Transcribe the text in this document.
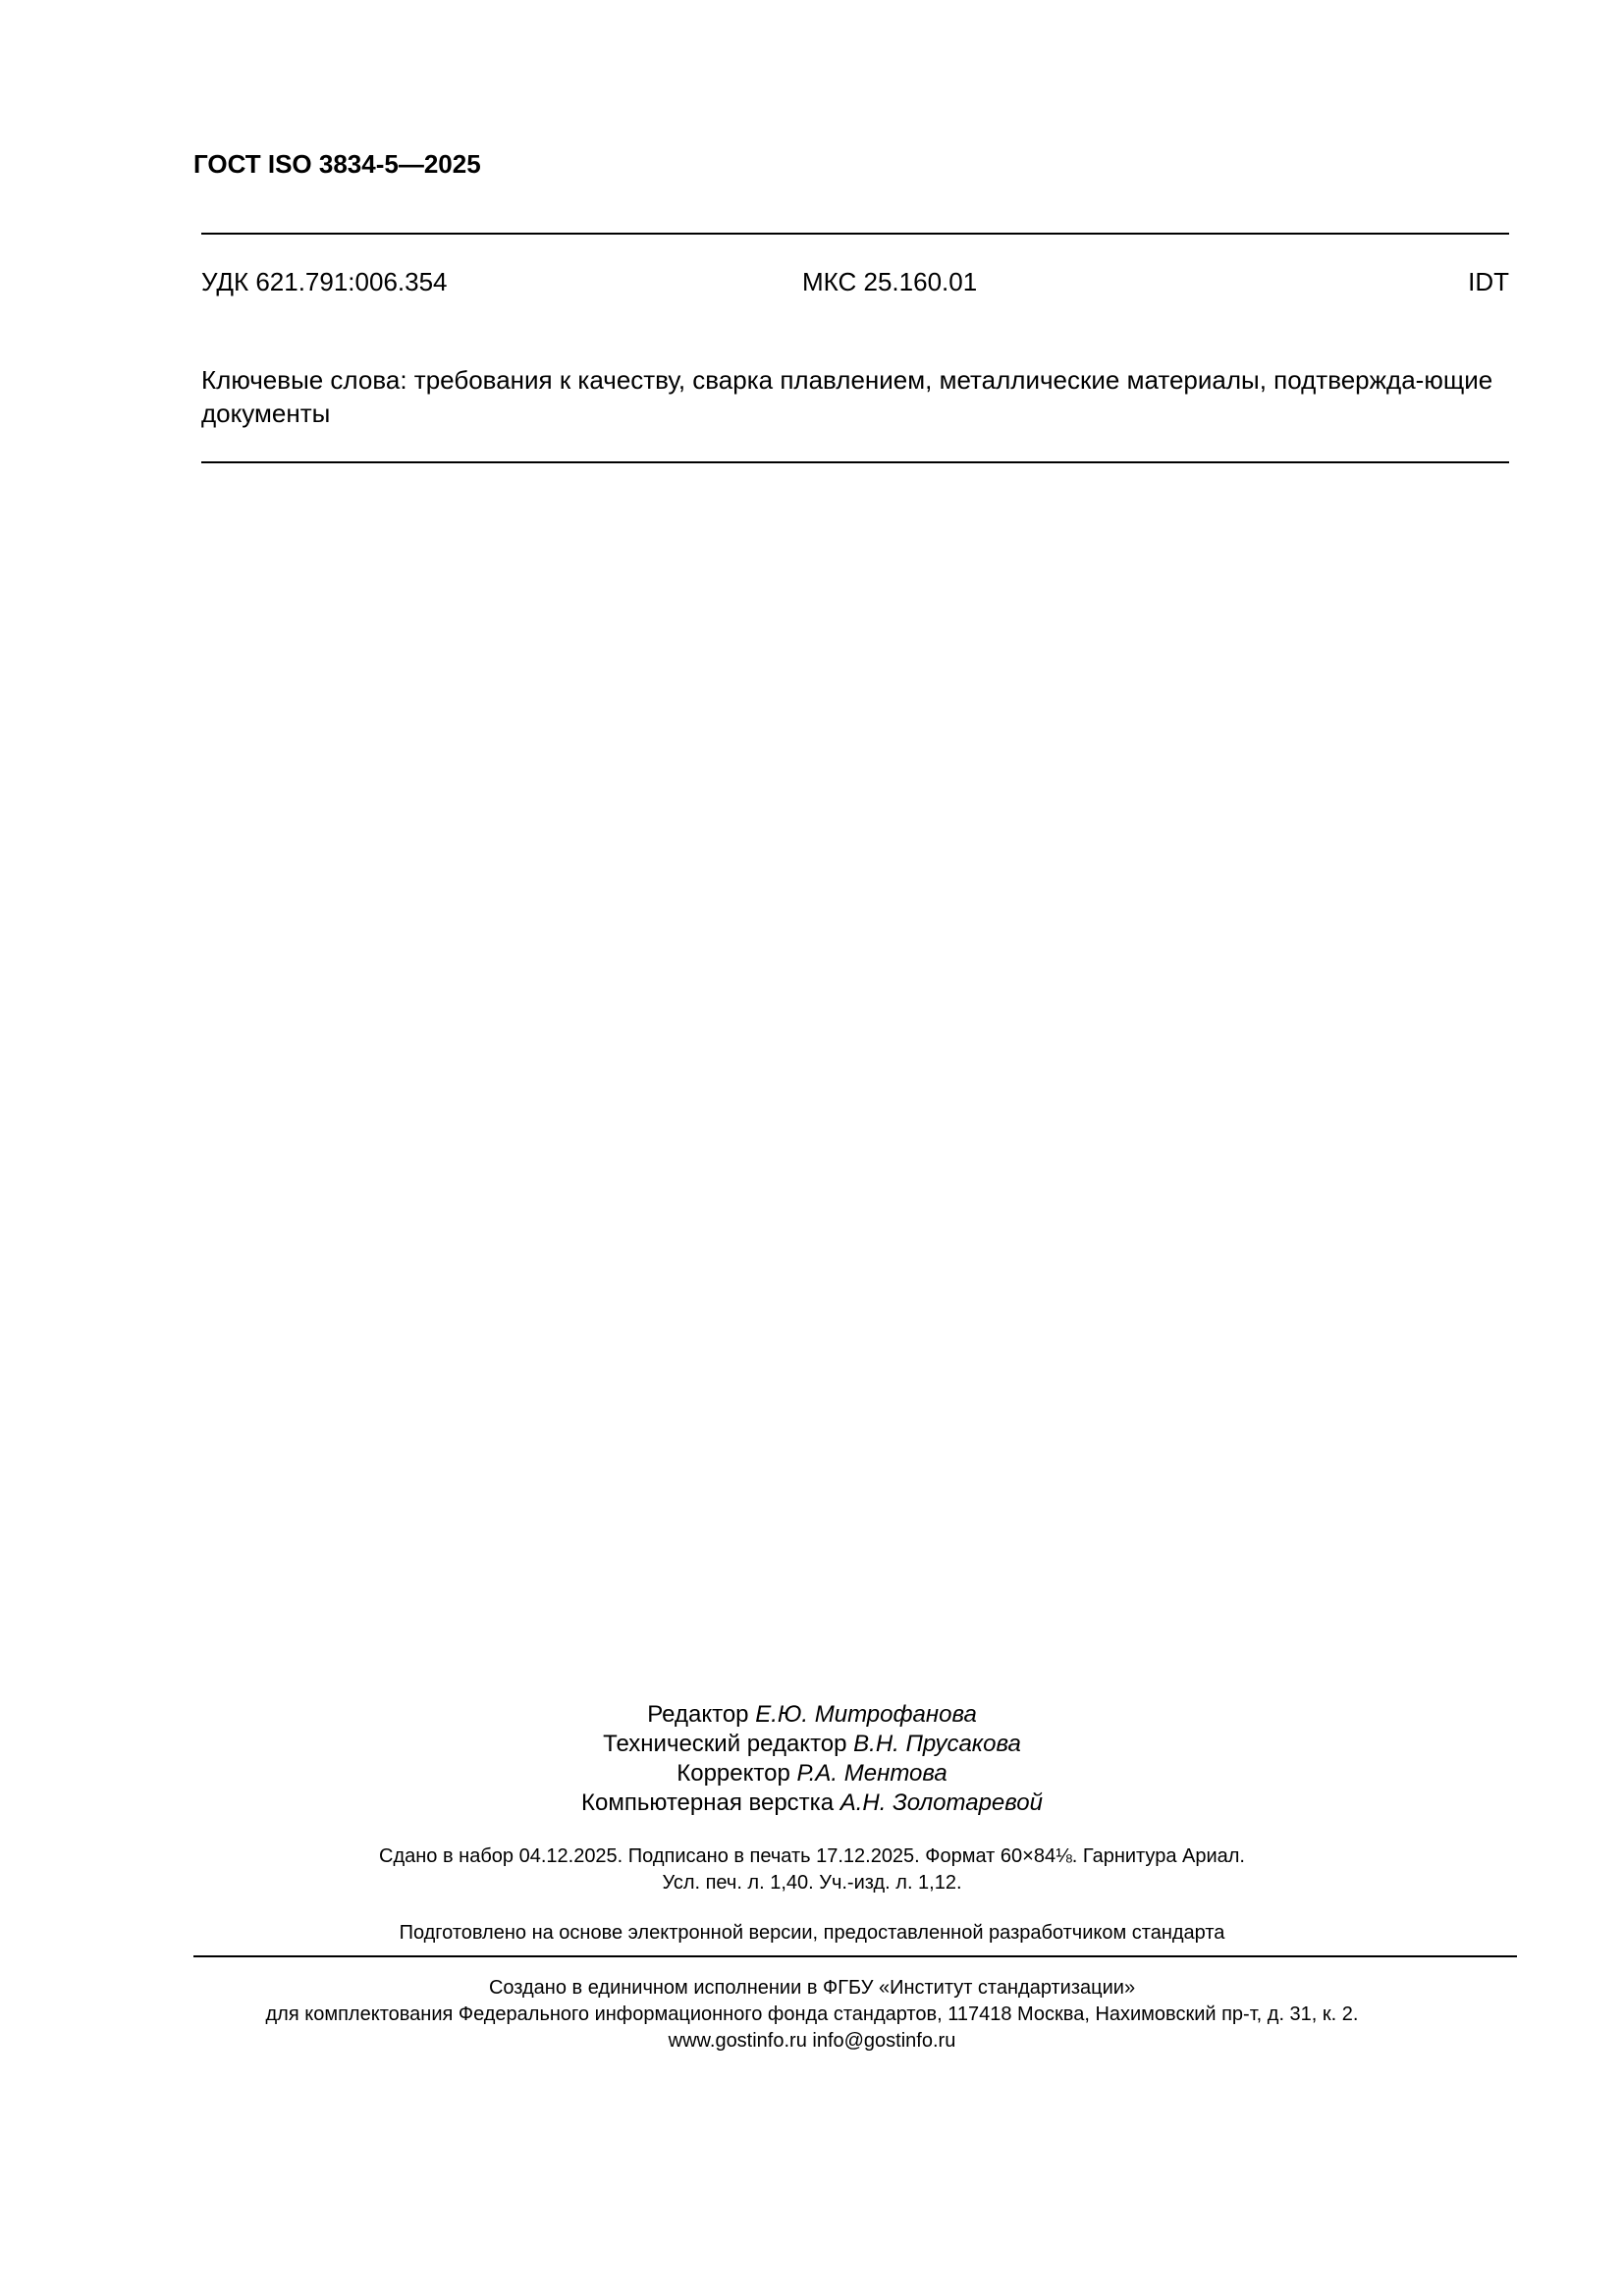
ГОСТ ISO 3834-5—2025
УДК 621.791:006.354	МКС 25.160.01	IDT
Ключевые слова: требования к качеству, сварка плавлением, металлические материалы, подтвержда-ющие документы
Редактор Е.Ю. Митрофанова
Технический редактор В.Н. Прусакова
Корректор Р.А. Ментова
Компьютерная верстка А.Н. Золотаревой
Сдано в набор 04.12.2025. Подписано в печать 17.12.2025. Формат 60×84⅛. Гарнитура Ариал.
Усл. печ. л. 1,40. Уч.-изд. л. 1,12.
Подготовлено на основе электронной версии, предоставленной разработчиком стандарта
Создано в единичном исполнении в ФГБУ «Институт стандартизации»
для комплектования Федерального информационного фонда стандартов, 117418 Москва, Нахимовский пр-т, д. 31, к. 2.
www.gostinfo.ru info@gostinfo.ru
